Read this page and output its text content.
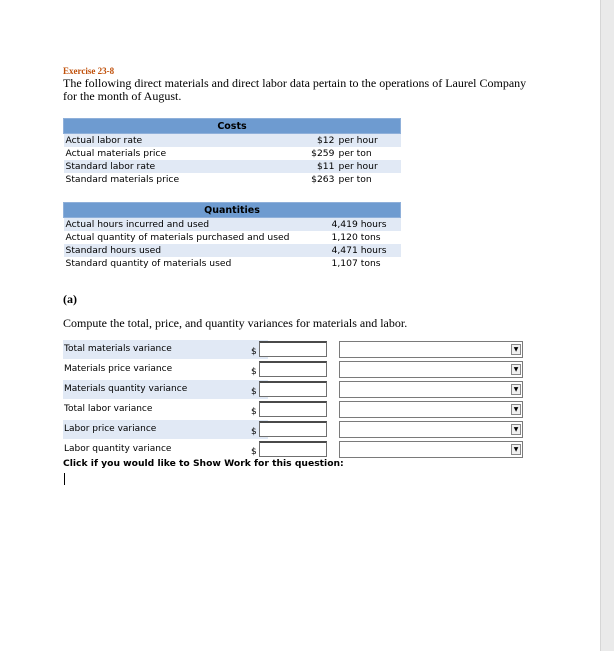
Exercise 23-8

The following direct materials and direct labor data pertain to the operations of Laurel Company for the month of August.

Costs		
Actual labor rate	$12	per hour
Actual materials price	$259	per ton
Standard labor rate	$11	per hour
Standard materials price	$263	per ton
Quantities	
Actual hours incurred and used	4,419 hours
Actual quantity of materials purchased and used	1,120 tons
Standard hours used	4,471 hours
Standard quantity of materials used	1,107 tons
(a)
Compute the total, price, and quantity variances for materials and labor.
Total materials variance	$	▼
Materials price variance	$	▼
Materials quantity variance	$	▼
Total labor variance	$	▼
Labor price variance	$	▼
Labor quantity variance	$	▼
Click if you would like to Show Work for this question:
